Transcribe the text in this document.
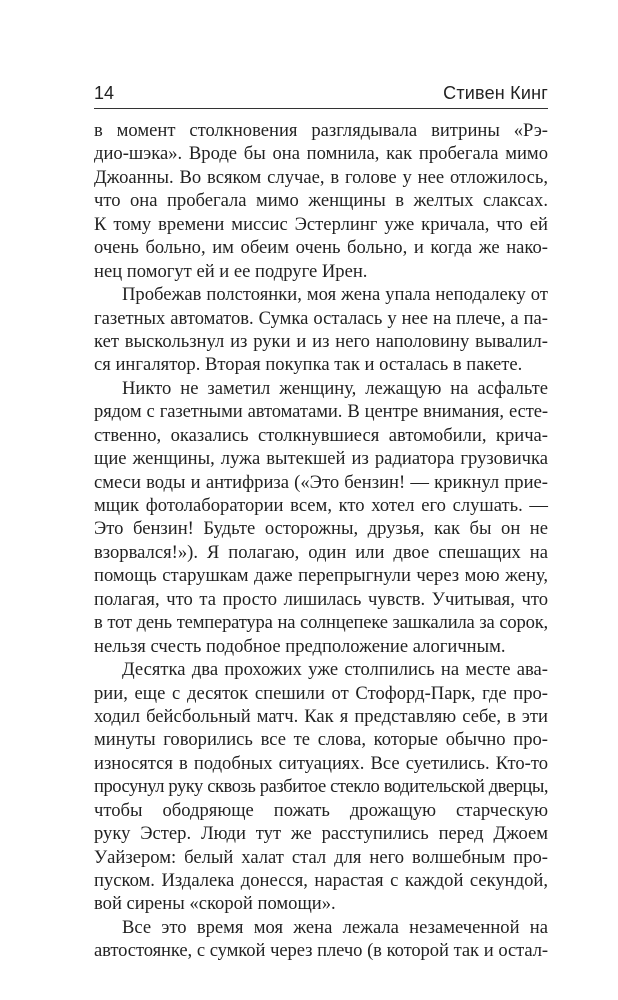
14	Стивен Кинг
в момент столкновения разглядывала витрины «Рэ-
дио-шэка». Вроде бы она помнила, как пробегала мимо
Джоанны. Во всяком случае, в голове у нее отложилось,
что она пробегала мимо женщины в желтых слаксах.
К тому времени миссис Эстерлинг уже кричала, что ей
очень больно, им обеим очень больно, и когда же нако-
нец помогут ей и ее подруге Ирен.
Пробежав полстоянки, моя жена упала неподалеку от
газетных автоматов. Сумка осталась у нее на плече, а па-
кет выскользнул из руки и из него наполовину вывалил-
ся ингалятор. Вторая покупка так и осталась в пакете.
Никто не заметил женщину, лежащую на асфальте
рядом с газетными автоматами. В центре внимания, есте-
ственно, оказались столкнувшиеся автомобили, крича-
щие женщины, лужа вытекшей из радиатора грузовичка
смеси воды и антифриза («Это бензин! — крикнул прие-
мщик фотолаборатории всем, кто хотел его слушать. —
Это бензин! Будьте осторожны, друзья, как бы он не
взорвался!»). Я полагаю, один или двое спешащих на
помощь старушкам даже перепрыгнули через мою жену,
полагая, что та просто лишилась чувств. Учитывая, что
в тот день температура на солнцепеке зашкалила за сорок,
нельзя счесть подобное предположение алогичным.
Десятка два прохожих уже столпились на месте ава-
рии, еще с десяток спешили от Стофорд-Парк, где про-
ходил бейсбольный матч. Как я представляю себе, в эти
минуты говорились все те слова, которые обычно про-
износятся в подобных ситуациях. Все суетились. Кто-то
просунул руку сквозь разбитое стекло водительской дверцы,
чтобы ободряюще пожать дрожащую старческую
руку Эстер. Люди тут же расступились перед Джоем
Уайзером: белый халат стал для него волшебным про-
пуском. Издалека донесся, нарастая с каждой секундой,
вой сирены «скорой помощи».
Все это время моя жена лежала незамеченной на
автостоянке, с сумкой через плечо (в которой так и остал-
